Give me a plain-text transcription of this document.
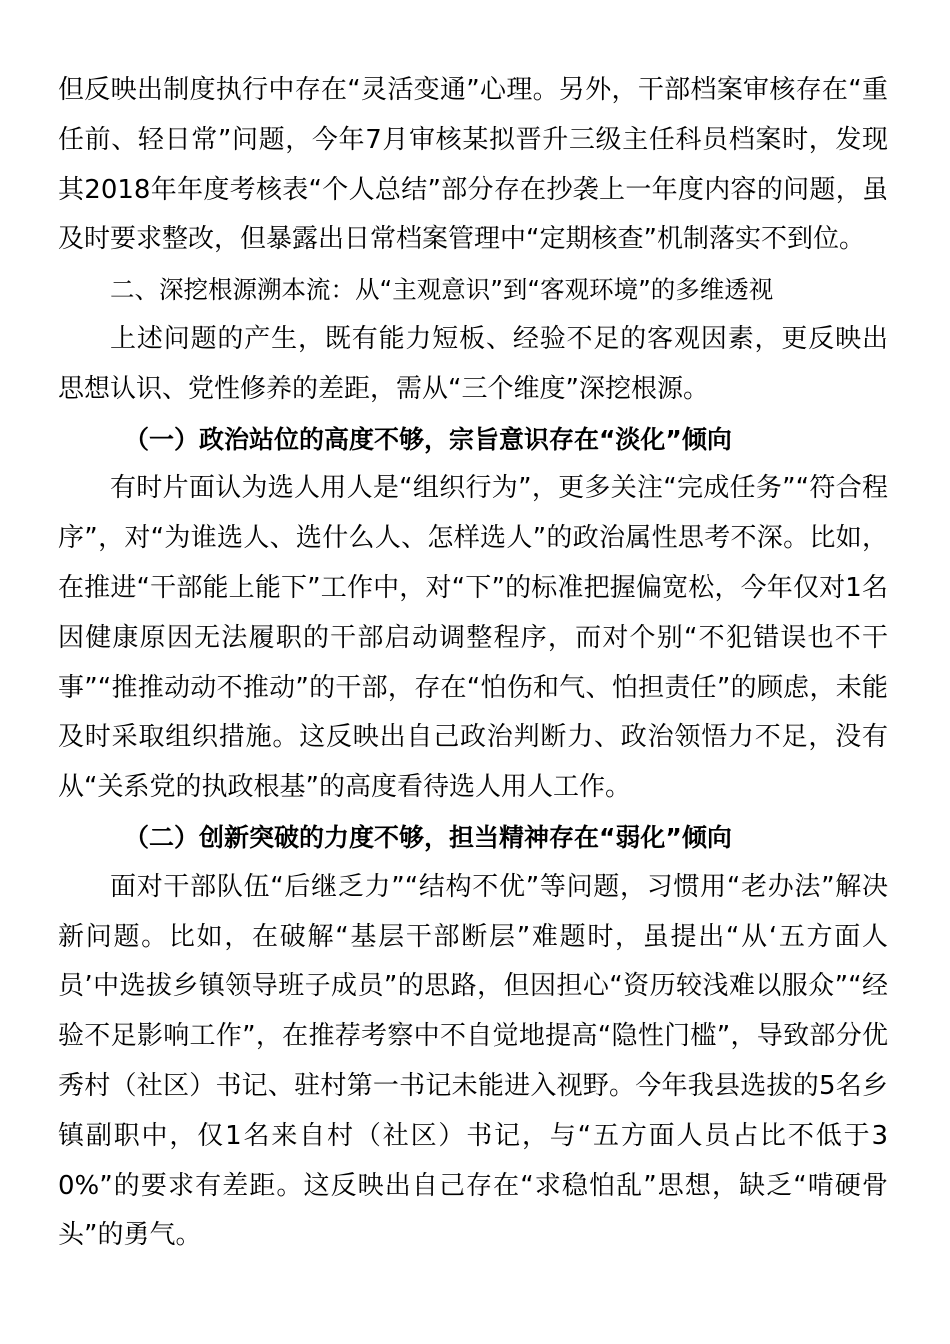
但反映出制度执行中存在“灵活变通”心理。另外，干部档案审核存在“重任前、轻日常”问题，今年7月审核某拟晋升三级主任科员档案时，发现其2018年年度考核表“个人总结”部分存在抄袭上一年度内容的问题，虽及时要求整改，但暴露出日常档案管理中“定期核查”机制落实不到位。

二、深挖根源溯本流：从“主观意识”到“客观环境”的多维透视

上述问题的产生，既有能力短板、经验不足的客观因素，更反映出思想认识、党性修养的差距，需从“三个维度”深挖根源。

（一）政治站位的高度不够，宗旨意识存在“淡化”倾向

有时片面认为选人用人是“组织行为”，更多关注“完成任务”“符合程序”，对“为谁选人、选什么人、怎样选人”的政治属性思考不深。比如，在推进“干部能上能下”工作中，对“下”的标准把握偏宽松，今年仅对1名因健康原因无法履职的干部启动调整程序，而对个别“不犯错误也不干事”“推推动动不推动”的干部，存在“怕伤和气、怕担责任”的顾虑，未能及时采取组织措施。这反映出自己政治判断力、政治领悟力不足，没有从“关系党的执政根基”的高度看待选人用人工作。

（二）创新突破的力度不够，担当精神存在“弱化”倾向

面对干部队伍“后继乏力”“结构不优”等问题，习惯用“老办法”解决新问题。比如，在破解“基层干部断层”难题时，虽提出“从‘五方面人员’中选拔乡镇领导班子成员”的思路，但因担心“资历较浅难以服众”“经验不足影响工作”，在推荐考察中不自觉地提高“隐性门槛”，导致部分优秀村（社区）书记、驻村第一书记未能进入视野。今年我县选拔的5名乡镇副职中，仅1名来自村（社区）书记，与“五方面人员占比不低于30%”的要求有差距。这反映出自己存在“求稳怕乱”思想，缺乏“啃硬骨头”的勇气。
